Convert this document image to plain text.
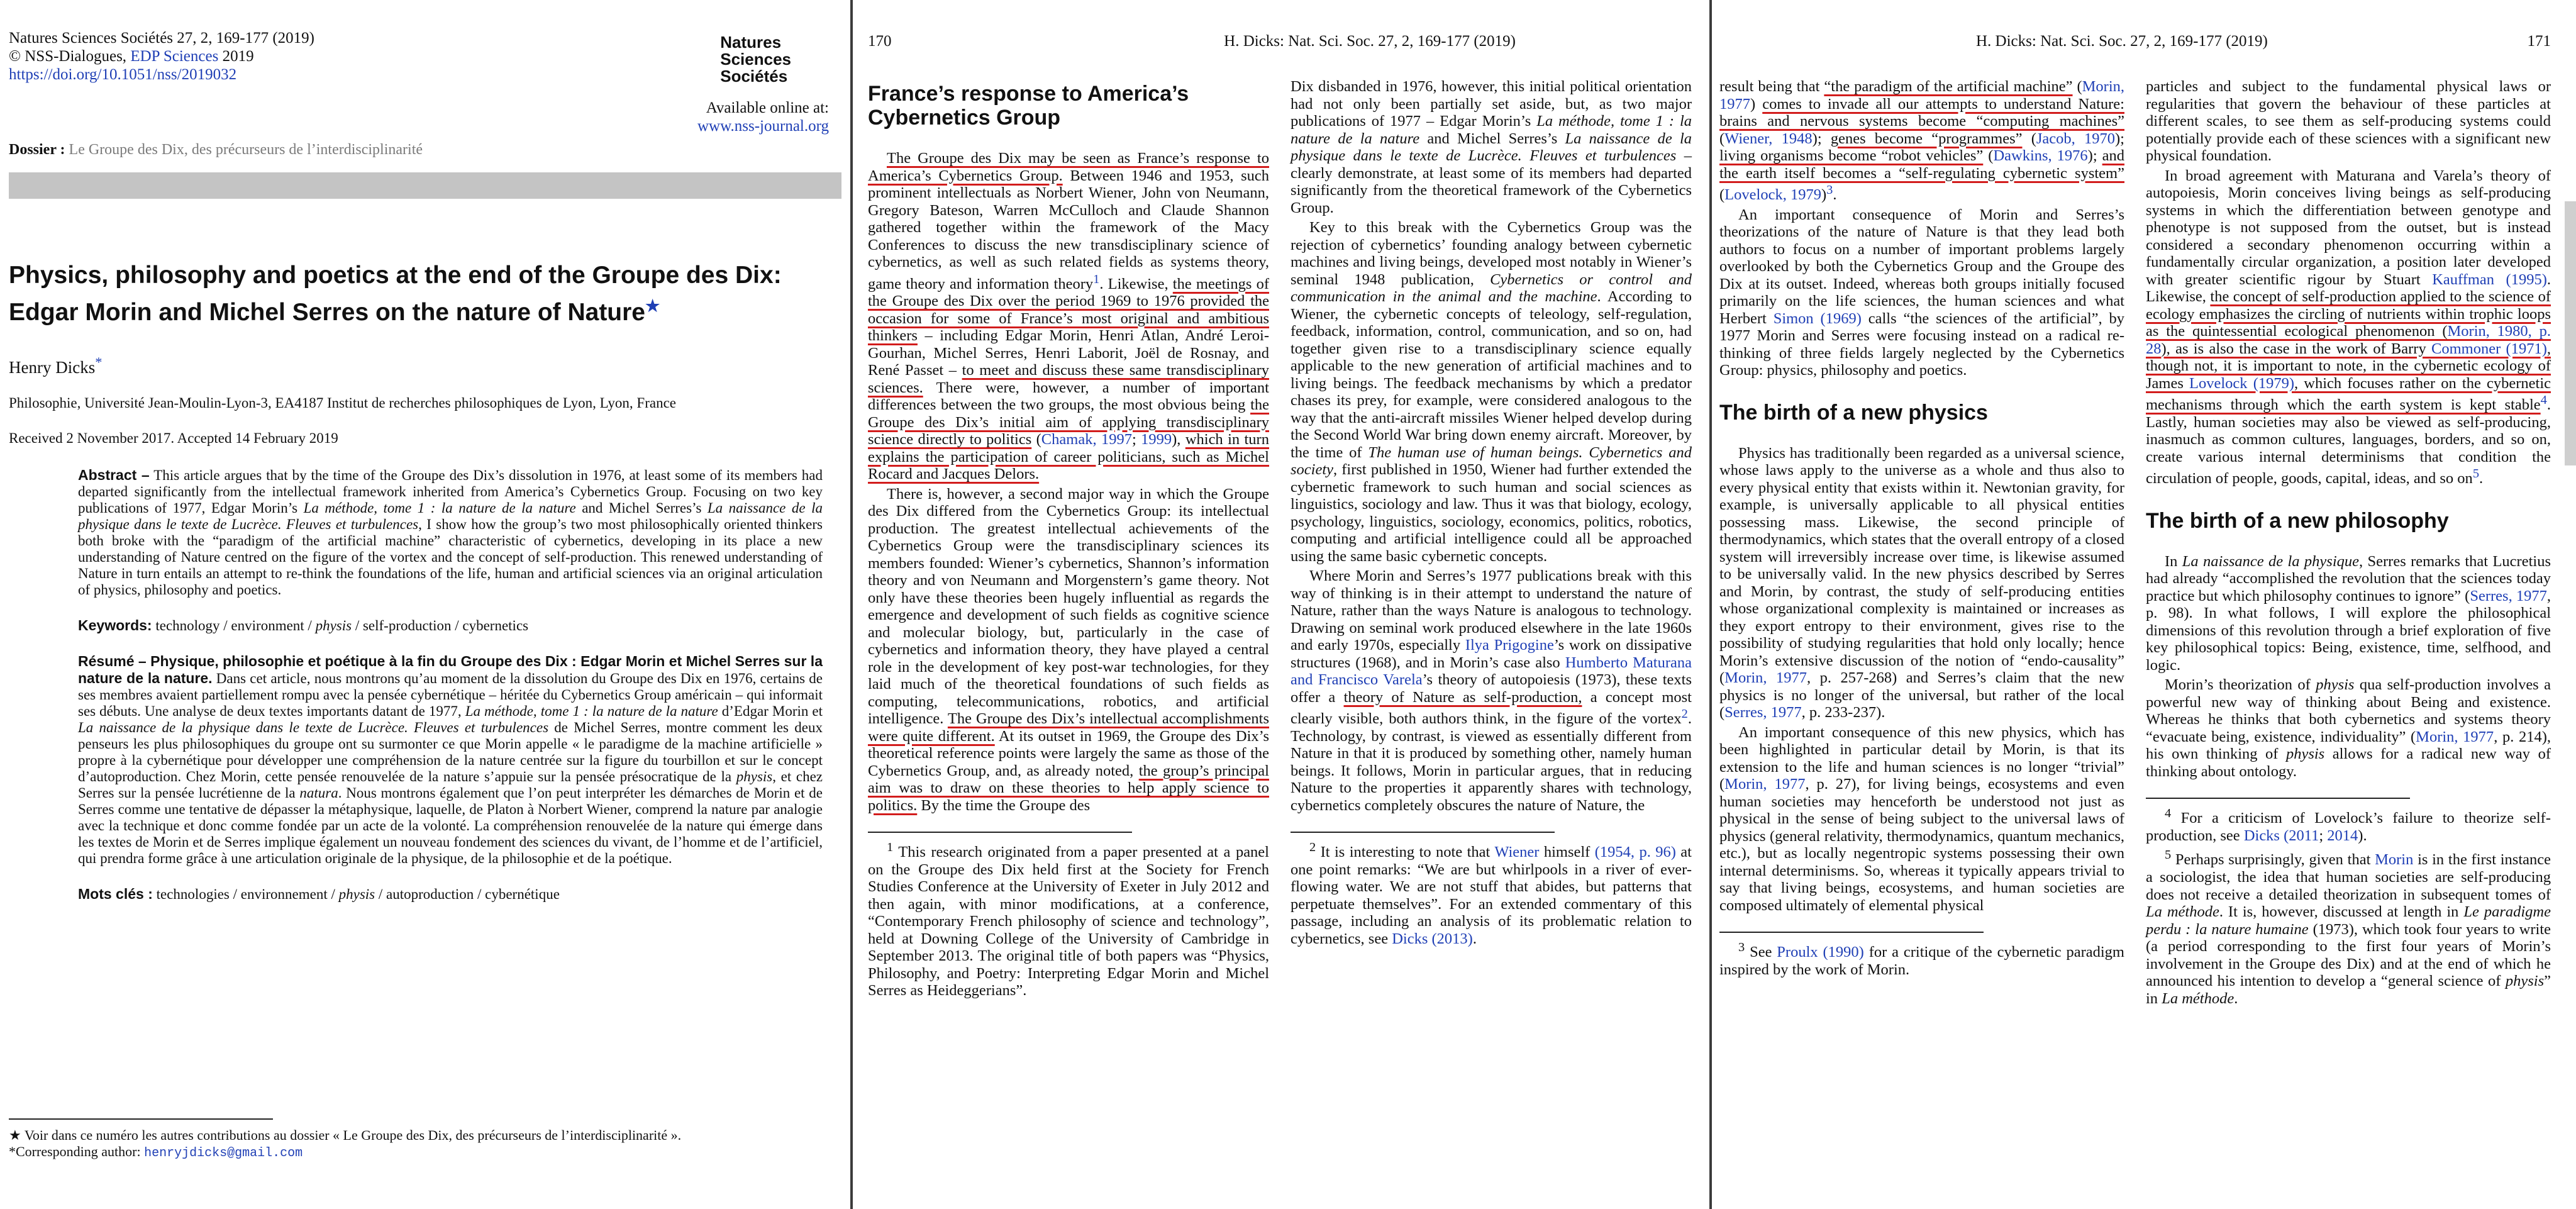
Natures Sciences Sociétés 27, 2, 169-177 (2019)
© NSS-Dialogues, EDP Sciences 2019
https://doi.org/10.1051/nss/2019032
Natures
Sciences
Sociétés
Available online at:
www.nss-journal.org
Dossier : Le Groupe des Dix, des précurseurs de l’interdisciplinarité
Physics, philosophy and poetics at the end of the Groupe des Dix: Edgar Morin and Michel Serres on the nature of Nature★
Henry Dicks*
Philosophie, Université Jean-Moulin-Lyon-3, EA4187 Institut de recherches philosophiques de Lyon, Lyon, France
Received 2 November 2017. Accepted 14 February 2019

Abstract – This article argues that by the time of the Groupe des Dix’s dissolution in 1976, at least some of its members had departed significantly from the intellectual framework inherited from America’s Cybernetics Group. Focusing on two key publications of 1977, Edgar Morin’s La méthode, tome 1 : la nature de la nature and Michel Serres’s La naissance de la physique dans le texte de Lucrèce. Fleuves et turbulences, I show how the group’s two most philosophically oriented thinkers both broke with the “paradigm of the artificial machine” characteristic of cybernetics, developing in its place a new understanding of Nature centred on the figure of the vortex and the concept of self-production. This renewed understanding of Nature in turn entails an attempt to re-think the foundations of the life, human and artificial sciences via an original articulation of physics, philosophy and poetics.

Keywords: technology / environment / physis / self-production / cybernetics

Résumé – Physique, philosophie et poétique à la fin du Groupe des Dix : Edgar Morin et Michel Serres sur la nature de la nature. Dans cet article, nous montrons qu’au moment de la dissolution du Groupe des Dix en 1976, certains de ses membres avaient partiellement rompu avec la pensée cybernétique – héritée du Cybernetics Group américain – qui informait ses débuts. Une analyse de deux textes importants datant de 1977, La méthode, tome 1 : la nature de la nature d’Edgar Morin et La naissance de la physique dans le texte de Lucrèce. Fleuves et turbulences de Michel Serres, montre comment les deux penseurs les plus philosophiques du groupe ont su surmonter ce que Morin appelle « le paradigme de la machine artificielle » propre à la cybernétique pour développer une compréhension de la nature centrée sur la figure du tourbillon et sur le concept d’autoproduction. Chez Morin, cette pensée renouvelée de la nature s’appuie sur la pensée présocratique de la physis, et chez Serres sur la pensée lucrétienne de la natura. Nous montrons également que l’on peut interpréter les démarches de Morin et de Serres comme une tentative de dépasser la métaphysique, laquelle, de Platon à Norbert Wiener, comprend la nature par analogie avec la technique et donc comme fondée par un acte de la volonté. La compréhension renouvelée de la nature qui émerge dans les textes de Morin et de Serres implique également un nouveau fondement des sciences du vivant, de l’homme et de l’artificiel, qui prendra forme grâce à une articulation originale de la physique, de la philosophie et de la poétique.

Mots clés : technologies / environnement / physis / autoproduction / cybernétique
★ Voir dans ce numéro les autres contributions au dossier « Le Groupe des Dix, des précurseurs de l’interdisciplinarité ».
*Corresponding author: henryjdicks@gmail.com
170	H. Dicks: Nat. Sci. Soc. 27, 2, 169-177 (2019)
France’s response to America’s Cybernetics Group

The Groupe des Dix may be seen as France’s response to America’s Cybernetics Group. Between 1946 and 1953, such prominent intellectuals as Norbert Wiener, John von Neumann, Gregory Bateson, Warren McCulloch and Claude Shannon gathered together within the framework of the Macy Conferences to discuss the new transdisciplinary science of cybernetics, as well as such related fields as systems theory, game theory and information theory$^1$. Likewise, the meetings of the Groupe des Dix over the period 1969 to 1976 provided the occasion for some of France’s most original and ambitious thinkers – including Edgar Morin, Henri Atlan, André Leroi-Gourhan, Michel Serres, Henri Laborit, Joël de Rosnay, and René Passet – to meet and discuss these same transdisciplinary sciences. There were, however, a number of important differences between the two groups, the most obvious being the Groupe des Dix’s initial aim of applying transdisciplinary science directly to politics (Chamak, 1997; 1999), which in turn explains the participation of career politicians, such as Michel Rocard and Jacques Delors.

There is, however, a second major way in which the Groupe des Dix differed from the Cybernetics Group: its intellectual production. The greatest intellectual achievements of the Cybernetics Group were the transdisciplinary sciences its members founded: Wiener’s cybernetics, Shannon’s information theory and von Neumann and Morgenstern’s game theory. Not only have these theories been hugely influential as regards the emergence and development of such fields as cognitive science and molecular biology, but, particularly in the case of cybernetics and information theory, they have played a central role in the development of key post-war technologies, for they laid much of the theoretical foundations of such fields as computing, telecommunications, robotics, and artificial intelligence. The Groupe des Dix’s intellectual accomplishments were quite different. At its outset in 1969, the Groupe des Dix’s theoretical reference points were largely the same as those of the Cybernetics Group, and, as already noted, the group’s principal aim was to draw on these theories to help apply science to politics. By the time the Groupe des

$^1$ This research originated from a paper presented at a panel on the Groupe des Dix held first at the Society for French Studies Conference at the University of Exeter in July 2012 and then again, with minor modifications, at a conference, “Contemporary French philosophy of science and technology”, held at Downing College of the University of Cambridge in September 2013. The original title of both papers was “Physics, Philosophy, and Poetry: Interpreting Edgar Morin and Michel Serres as Heideggerians”.

Dix disbanded in 1976, however, this initial political orientation had not only been partially set aside, but, as two major publications of 1977 – Edgar Morin’s La méthode, tome 1 : la nature de la nature and Michel Serres’s La naissance de la physique dans le texte de Lucrèce. Fleuves et turbulences – clearly demonstrate, at least some of its members had departed significantly from the theoretical framework of the Cybernetics Group.

Key to this break with the Cybernetics Group was the rejection of cybernetics’ founding analogy between cybernetic machines and living beings, developed most notably in Wiener’s seminal 1948 publication, Cybernetics or control and communication in the animal and the machine. According to Wiener, the cybernetic concepts of teleology, self-regulation, feedback, information, control, communication, and so on, had together given rise to a transdisciplinary science equally applicable to the new generation of artificial machines and to living beings. The feedback mechanisms by which a predator chases its prey, for example, were considered analogous to the way that the anti-aircraft missiles Wiener helped develop during the Second World War bring down enemy aircraft. Moreover, by the time of The human use of human beings. Cybernetics and society, first published in 1950, Wiener had further extended the cybernetic framework to such human and social sciences as linguistics, sociology and law. Thus it was that biology, ecology, psychology, linguistics, sociology, economics, politics, robotics, computing and artificial intelligence could all be approached using the same basic cybernetic concepts.

Where Morin and Serres’s 1977 publications break with this way of thinking is in their attempt to understand the nature of Nature, rather than the ways Nature is analogous to technology. Drawing on seminal work produced elsewhere in the late 1960s and early 1970s, especially Ilya Prigogine’s work on dissipative structures (1968), and in Morin’s case also Humberto Maturana and Francisco Varela’s theory of autopoiesis (1973), these texts offer a theory of Nature as self-production, a concept most clearly visible, both authors think, in the figure of the vortex$^2$. Technology, by contrast, is viewed as essentially different from Nature in that it is produced by something other, namely human beings. It follows, Morin in particular argues, that in reducing Nature to the properties it apparently shares with technology, cybernetics completely obscures the nature of Nature, the

$^2$ It is interesting to note that Wiener himself (1954, p. 96) at one point remarks: “We are but whirlpools in a river of ever-flowing water. We are not stuff that abides, but patterns that perpetuate themselves”. For an extended commentary of this passage, including an analysis of its problematic relation to cybernetics, see Dicks (2013).

H. Dicks: Nat. Sci. Soc. 27, 2, 169-177 (2019)	171

result being that “the paradigm of the artificial machine” (Morin, 1977) comes to invade all our attempts to understand Nature: brains and nervous systems become “computing machines” (Wiener, 1948); genes become “programmes” (Jacob, 1970); living organisms become “robot vehicles” (Dawkins, 1976); and the earth itself becomes a “self-regulating cybernetic system” (Lovelock, 1979)$^3$.

An important consequence of Morin and Serres’s theorizations of the nature of Nature is that they lead both authors to focus on a number of important problems largely overlooked by both the Cybernetics Group and the Groupe des Dix at its outset. Indeed, whereas both groups initially focused primarily on the life sciences, the human sciences and what Herbert Simon (1969) calls “the sciences of the artificial”, by 1977 Morin and Serres were focusing instead on a radical re-thinking of three fields largely neglected by the Cybernetics Group: physics, philosophy and poetics.

The birth of a new physics

Physics has traditionally been regarded as a universal science, whose laws apply to the universe as a whole and thus also to every physical entity that exists within it. Newtonian gravity, for example, is universally applicable to all physical entities possessing mass. Likewise, the second principle of thermodynamics, which states that the overall entropy of a closed system will irreversibly increase over time, is likewise assumed to be universally valid. In the new physics described by Serres and Morin, by contrast, the study of self-producing entities whose organizational complexity is maintained or increases as they export entropy to their environment, gives rise to the possibility of studying regularities that hold only locally; hence Morin’s extensive discussion of the notion of “endo-causality” (Morin, 1977, p. 257-268) and Serres’s claim that the new physics is no longer of the universal, but rather of the local (Serres, 1977, p. 233-237).

An important consequence of this new physics, which has been highlighted in particular detail by Morin, is that its extension to the life and human sciences is no longer “trivial” (Morin, 1977, p. 27), for living beings, ecosystems and even human societies may henceforth be understood not just as physical in the sense of being subject to the universal laws of physics (general relativity, thermodynamics, quantum mechanics, etc.), but as locally negentropic systems possessing their own internal determinisms. So, whereas it typically appears trivial to say that living beings, ecosystems, and human societies are composed ultimately of elemental physical

$^3$ See Proulx (1990) for a critique of the cybernetic paradigm inspired by the work of Morin.

particles and subject to the fundamental physical laws or regularities that govern the behaviour of these particles at different scales, to see them as self-producing systems could potentially provide each of these sciences with a significant new physical foundation.

In broad agreement with Maturana and Varela’s theory of autopoiesis, Morin conceives living beings as self-producing systems in which the differentiation between genotype and phenotype is not supposed from the outset, but is instead considered a secondary phenomenon occurring within a fundamentally circular organization, a position later developed with greater scientific rigour by Stuart Kauffman (1995). Likewise, the concept of self-production applied to the science of ecology emphasizes the circling of nutrients within trophic loops as the quintessential ecological phenomenon (Morin, 1980, p. 28), as is also the case in the work of Barry Commoner (1971), though not, it is important to note, in the cybernetic ecology of James Lovelock (1979), which focuses rather on the cybernetic mechanisms through which the earth system is kept stable$^4$. Lastly, human societies may also be viewed as self-producing, inasmuch as common cultures, languages, borders, and so on, create various internal determinisms that condition the circulation of people, goods, capital, ideas, and so $on^5$.

The birth of a new philosophy

In La naissance de la physique, Serres remarks that Lucretius had already “accomplished the revolution that the sciences today practice but which philosophy continues to ignore” (Serres, 1977, p. 98). In what follows, I will explore the philosophical dimensions of this revolution through a brief exploration of five key philosophical topics: Being, existence, time, selfhood, and logic.

Morin’s theorization of physis qua self-production involves a powerful new way of thinking about Being and existence. Whereas he thinks that both cybernetics and systems theory “evacuate being, existence, individuality” (Morin, 1977, p. 214), his own thinking of physis allows for a radical new way of thinking about ontology.

$^4$ For a criticism of Lovelock’s failure to theorize self-production, see Dicks (2011; 2014).

$^5$ Perhaps surprisingly, given that Morin is in the first instance a sociologist, the idea that human societies are self-producing does not receive a detailed theorization in subsequent tomes of La méthode. It is, however, discussed at length in Le paradigme perdu : la nature humaine (1973), which took four years to write (a period corresponding to the first four years of Morin’s involvement in the Groupe des Dix) and at the end of which he announced his intention to develop a “general science of physis” in La méthode.
